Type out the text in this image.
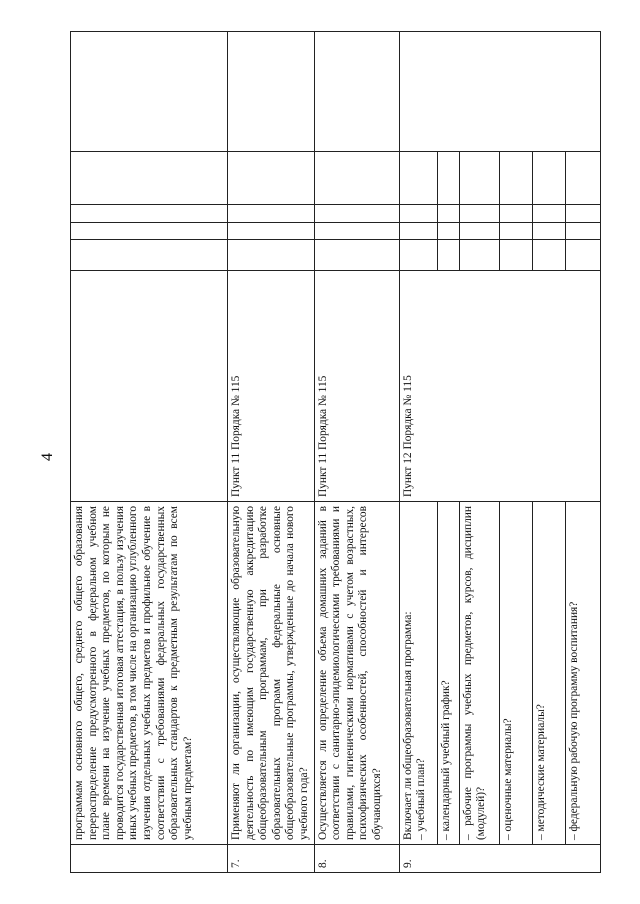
4
	программам основного общего, среднего общего образования перераспределение предусмотренного в федеральном учебном плане времени на изучение учебных предметов, по которым не проводится государственная итоговая аттестация, в пользу изучения иных учебных предметов, в том числе на организацию углубленного изучения отдельных учебных предметов и профильное обучение в соответствии с требованиями федеральных государственных образовательных стандартов к предметным результатам по всем учебным предметам?						
7.	Применяют ли организации, осуществляющие образовательную деятельность по имеющим государственную аккредитацию общеобразовательным программам, при разработке образовательных программ федеральные основные общеобразовательные программы, утвержденные до начала нового учебного года?	Пункт 11 Порядка № 115					
8.	Осуществляется ли определение объема домашних заданий в соответствии с санитарно-эпидемиологическими требованиями и правилами, гигиеническими нормативами с учетом возрастных, психофизических особенностей, способностей и интересов обучающихся?	Пункт 11 Порядка № 115					
9.	Включает ли общеобразовательная программа: – учебный план?	Пункт 12 Порядка № 115					
	– календарный учебный график?						
	– рабочие программы учебных предметов, курсов, дисциплин (модулей)?						
	– оценочные материалы?						
	– методические материалы?						
	– федеральную рабочую программу воспитания?						
